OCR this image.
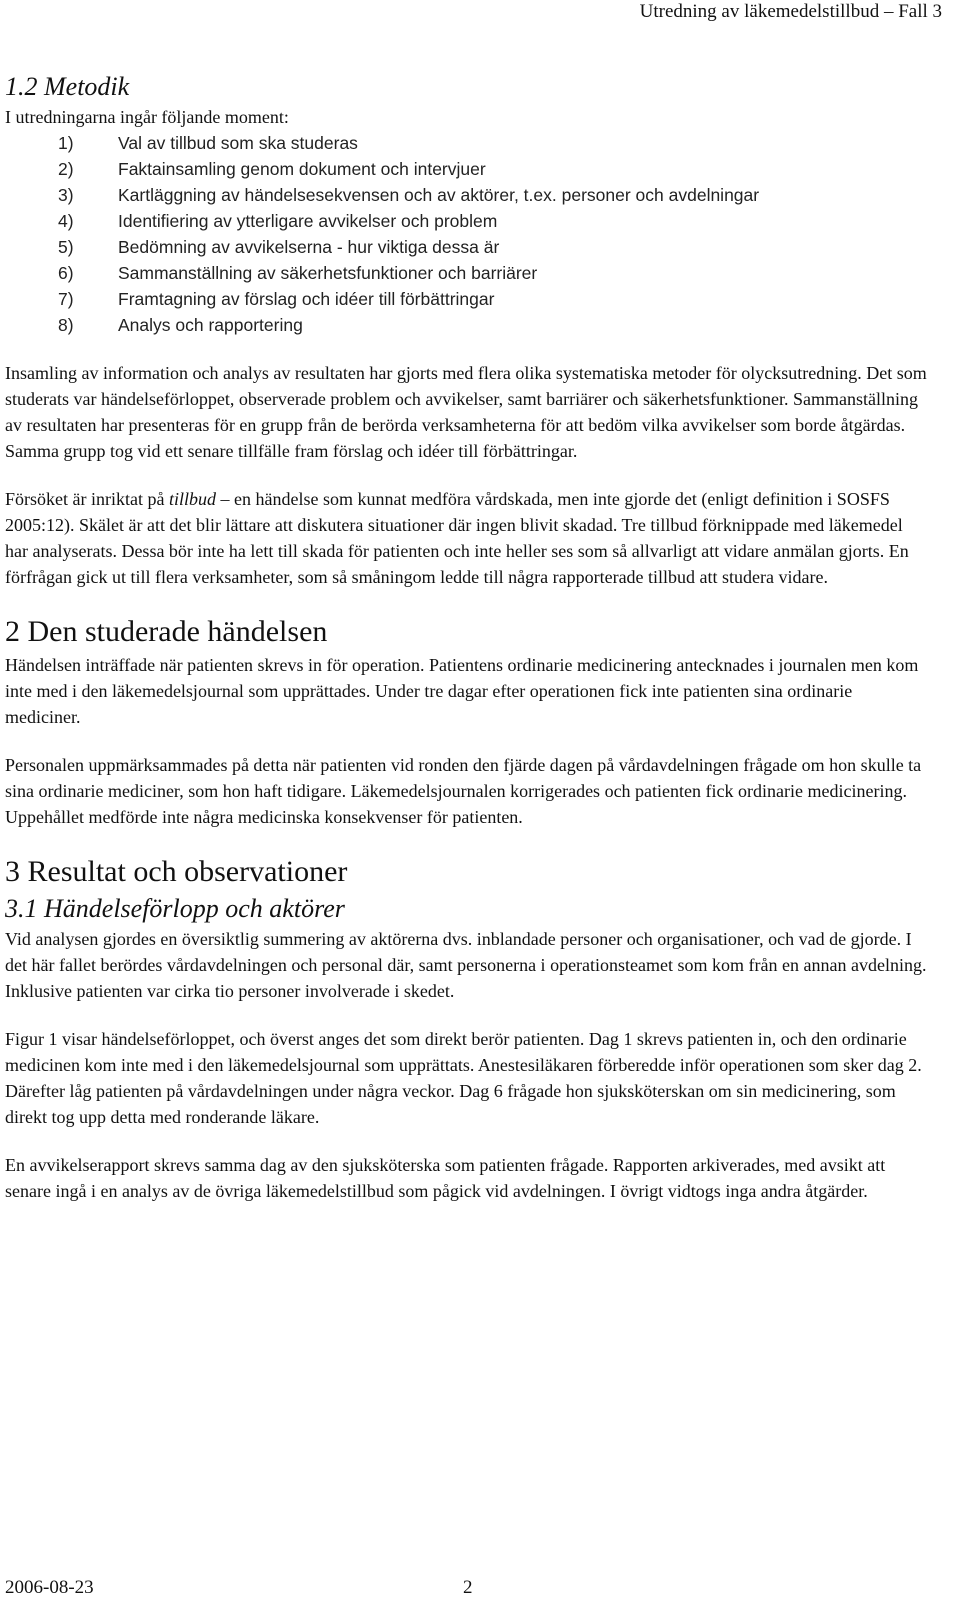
Utredning av läkemedelstillbud – Fall 3
1.2 Metodik

I utredningarna ingår följande moment:

1)	Val av tillbud som ska studeras
2)	Faktainsamling genom dokument och intervjuer
3)	Kartläggning av händelsesekvensen och av aktörer, t.ex. personer och avdelningar
4)	Identifiering av ytterligare avvikelser och problem
5)	Bedömning av avvikelserna - hur viktiga dessa är
6)	Sammanställning av säkerhetsfunktioner och barriärer
7)	Framtagning av förslag och idéer till förbättringar
8)	Analys och rapportering

Insamling av information och analys av resultaten har gjorts med flera olika systematiska metoder för olycksutredning. Det som studerats var händelseförloppet, observerade problem och avvikelser, samt barriärer och säkerhetsfunktioner. Sammanställning av resultaten har presenteras för en grupp från de berörda verksamheterna för att bedöm vilka avvikelser som borde åtgärdas. Samma grupp tog vid ett senare tillfälle fram förslag och idéer till förbättringar.

Försöket är inriktat på tillbud – en händelse som kunnat medföra vårdskada, men inte gjorde det (enligt definition i SOSFS 2005:12). Skälet är att det blir lättare att diskutera situationer där ingen blivit skadad. Tre tillbud förknippade med läkemedel har analyserats. Dessa bör inte ha lett till skada för patienten och inte heller ses som så allvarligt att vidare anmälan gjorts. En förfrågan gick ut till flera verksamheter, som så småningom ledde till några rapporterade tillbud att studera vidare.

2 Den studerade händelsen

Händelsen inträffade när patienten skrevs in för operation. Patientens ordinarie medicinering antecknades i journalen men kom inte med i den läkemedelsjournal som upprättades. Under tre dagar efter operationen fick inte patienten sina ordinarie mediciner.

Personalen uppmärksammades på detta när patienten vid ronden den fjärde dagen på vårdavdelningen frågade om hon skulle ta sina ordinarie mediciner, som hon haft tidigare. Läkemedelsjournalen korrigerades och patienten fick ordinarie medicinering. Uppehållet medförde inte några medicinska konsekvenser för patienten.

3 Resultat och observationer
3.1 Händelseförlopp och aktörer

Vid analysen gjordes en översiktlig summering av aktörerna dvs. inblandade personer och organisationer, och vad de gjorde. I det här fallet berördes vårdavdelningen och personal där, samt personerna i operationsteamet som kom från en annan avdelning. Inklusive patienten var cirka tio personer involverade i skedet.

Figur 1 visar händelseförloppet, och överst anges det som direkt berör patienten. Dag 1 skrevs patienten in, och den ordinarie medicinen kom inte med i den läkemedelsjournal som upprättats. Anestesiläkaren förberedde inför operationen som sker dag 2. Därefter låg patienten på vårdavdelningen under några veckor. Dag 6 frågade hon sjuksköterskan om sin medicinering, som direkt tog upp detta med ronderande läkare.

En avvikelserapport skrevs samma dag av den sjuksköterska som patienten frågade. Rapporten arkiverades, med avsikt att senare ingå i en analys av de övriga läkemedelstillbud som pågick vid avdelningen. I övrigt vidtogs inga andra åtgärder.

2006-08-23	2
